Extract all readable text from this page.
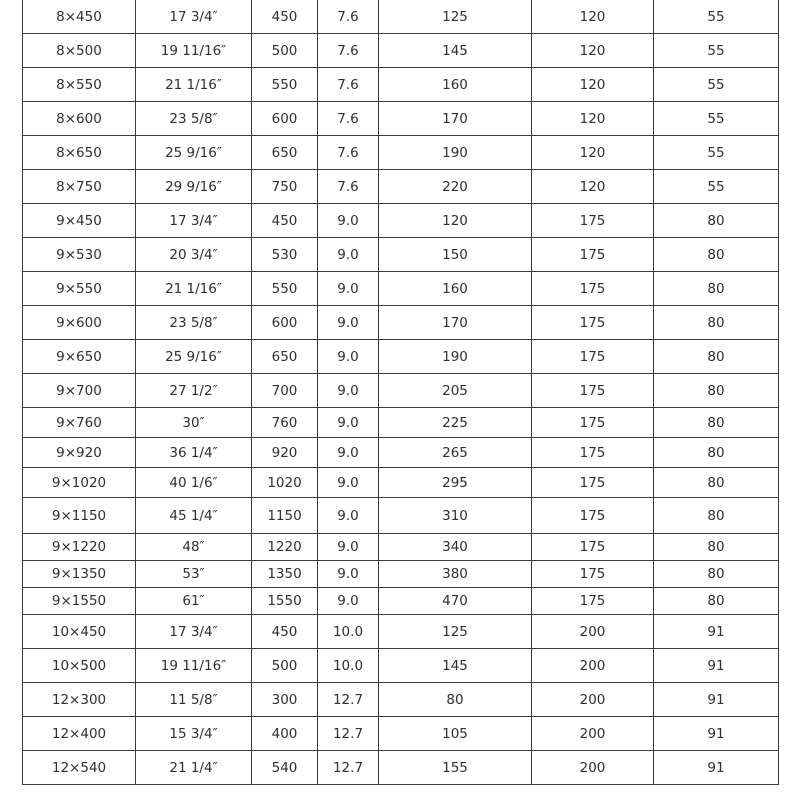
8×450	17 3/4″	450	7.6	125	120	55
8×500	19 11/16″	500	7.6	145	120	55
8×550	21 1/16″	550	7.6	160	120	55
8×600	23 5/8″	600	7.6	170	120	55
8×650	25 9/16″	650	7.6	190	120	55
8×750	29 9/16″	750	7.6	220	120	55
9×450	17 3/4″	450	9.0	120	175	80
9×530	20 3/4″	530	9.0	150	175	80
9×550	21 1/16″	550	9.0	160	175	80
9×600	23 5/8″	600	9.0	170	175	80
9×650	25 9/16″	650	9.0	190	175	80
9×700	27 1/2″	700	9.0	205	175	80
9×760	30″	760	9.0	225	175	80
9×920	36 1/4″	920	9.0	265	175	80
9×1020	40 1/6″	1020	9.0	295	175	80
9×1150	45 1/4″	1150	9.0	310	175	80
9×1220	48″	1220	9.0	340	175	80
9×1350	53″	1350	9.0	380	175	80
9×1550	61″	1550	9.0	470	175	80
10×450	17 3/4″	450	10.0	125	200	91
10×500	19 11/16″	500	10.0	145	200	91
12×300	11 5/8″	300	12.7	80	200	91
12×400	15 3/4″	400	12.7	105	200	91
12×540	21 1/4″	540	12.7	155	200	91
